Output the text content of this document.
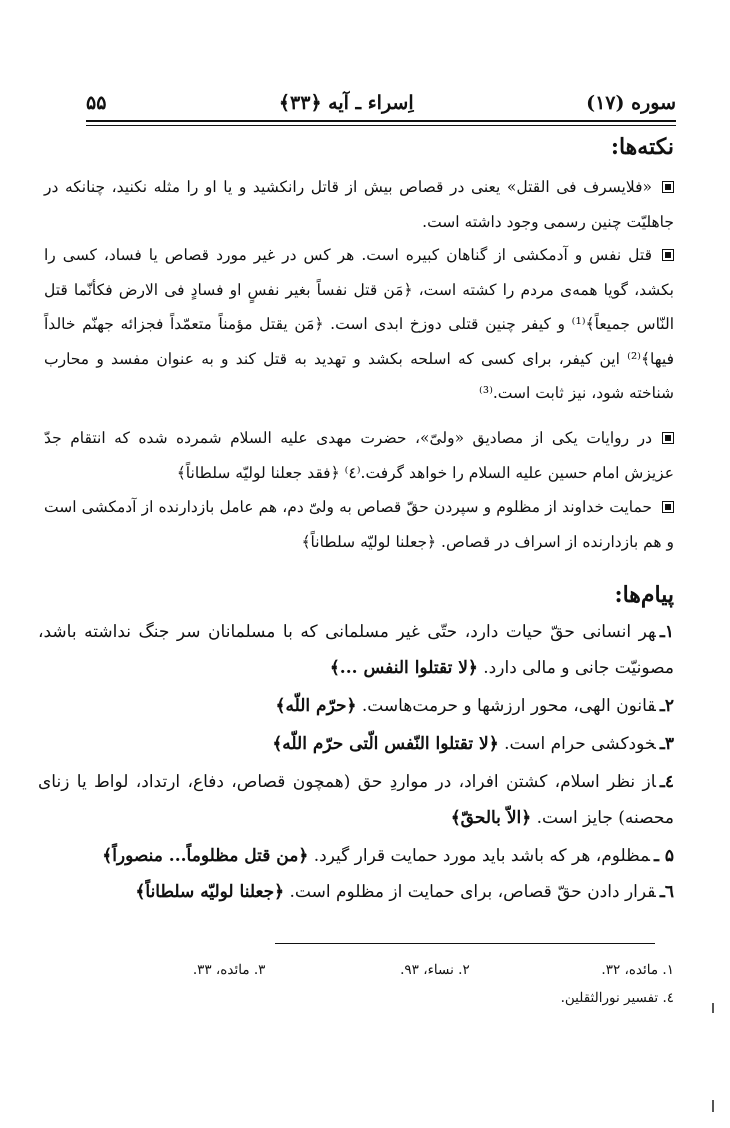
سوره (۱۷)
اِسراء ـ آیه ﴿۳۳﴾
۵۵
نکته‌ها:
«فلايسرف فى القتل» يعنى در قصاص بيش از قاتل رانكشيد و يا او را مثله نكنيد، چنانكه در جاهليّت چنين رسمى وجود داشته است.
قتل نفس و آدمكشى از گناهان كبيره است. هر كس در غير مورد قصاص يا فساد، كسى را بكشد، گويا همه‌ى مردم را كشته است، ﴿مَن قتل نفساً بغير نفسٍ او فسادٍ فى الارض فكأنّما قتل النّاس جميعاً﴾⁽¹⁾ و كيفر چنين قتلى دوزخ ابدى است. ﴿مَن يقتل مؤمناً متعمّداً فجزائه جهنّم خالداً فيها﴾⁽²⁾ اين كيفر، براى كسى كه اسلحه بكشد و تهديد به قتل كند و به عنوان مفسد و محارب شناخته شود، نيز ثابت است.⁽³⁾
در روايات يكى از مصاديق «ولىّ»، حضرت مهدى عليه السلام شمرده شده كه انتقام جدّ عزيزش امام حسين عليه السلام را خواهد گرفت.⁽٤⁾ ﴿فقد جعلنا لوليّه سلطاناً﴾
حمايت خداوند از مظلوم و سپردن حقّ قصاص به ولىّ دم، هم عامل بازدارنده از آدمكشى است و هم بازدارنده از اسراف در قصاص. ﴿جعلنا لوليّه سلطاناً﴾
پيام‌ها:
۱ـهر انسانى حقّ حيات دارد، حتّى غير مسلمانى كه با مسلمانان سر جنگ نداشته باشد، مصونيّت جانى و مالى دارد. ﴿لا تقتلوا النفس ...﴾
۲ـقانون الهى، محور ارزشها و حرمت‌هاست. ﴿حرّم اللّه﴾
۳ـخودكشى حرام است. ﴿لا تقتلوا النّفس الّتى حرّم اللّه﴾
٤ـاز نظر اسلام، كشتن افراد، در مواردِ حق (همچون قصاص، دفاع، ارتداد، لواط يا زناى محصنه) جايز است. ﴿الاّ بالحقّ﴾
۵ ـمظلوم، هر كه باشد بايد مورد حمايت قرار گيرد. ﴿من قتل مظلوماً... منصوراً﴾
٦ـقرار دادن حقّ قصاص، براى حمايت از مظلوم است. ﴿جعلنا لوليّه سلطاناً﴾
۱. مائده، ۳۲. ۲. نساء، ۹۳. ۳. مائده، ۳۳.
٤. تفسير نورالثقلين.
